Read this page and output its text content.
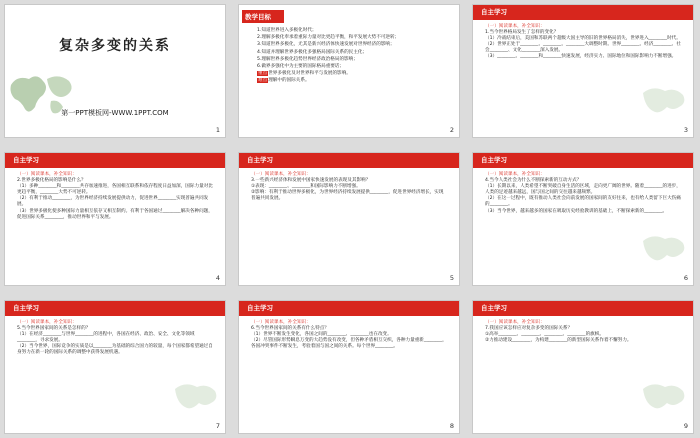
复杂多变的关系
第一PPT模板网-WWW.1PPT.COM
1
教学目标

1.知道世界进入多极化时代；

2.理解多极化奉承着重际力量对比更趋平衡，和平发展大势不可逆转；

3.知道世界多极化，尤其是新兴经济体快速发展对世界经济的影响；

4.知道并理解世界多极化多强格局国际关系的民主化；

5.理解世界多极化趋势世界经济政治格局的影响；

6.做界多强化中为主要的国际格局重要话；

重点世界多极化及对世界和平与发展的影响。

难点理解中的国际关系。

2
自主学习

（一）阅读课本，补全知识：

1.当今世界格局发生了怎样的变化？

（1）冷战结束后，美国和苏联两个超级大国主导的旧的世界格局消失，世界进入________时代。

（2）世界正处于________、________、________大调整时期。世界________、经济________、社会________、文化________深入发展。

（3）________、________和________快速发展，经济实力、国际地位和国际影响力不断增强。

3
自主学习

（一）阅读课本，补全知识：

2.世界多极化格局的影响是什么？

（1）多种________和________共存加速推进，各国相互联系和依存程度日益加深，国际力量对比更趋平衡，________大势不可逆转。

（2）有利于推动________，为世界经济持续发展提供动力，促进世界________实现普遍共同发展。

（3）世界多极化使多种国际力量相互依存又相互制约。有利于各国通过________解决各种问题，促进国际关系________，推动世界和平与发展。

4
自主学习

（一）阅读课本，补全知识：

3.一些新兴经济体和发展中国家快速发展的表现及其影响？

①表现：________、________和国际影响力不断增强。

②影响：有利于推动世界多极化，为世界经济持续发展提供________，促进世界经济增长，实现普遍共同发展。

5
自主学习

（一）阅读课本，补全知识：

4.当今人类社会为什么不断探索新的互动方式？

（1）长期以来，人类希望不断突破自身生活的区域，走向更广阔的世界。随着________的进步，人类的足迹越来越远，国与国之间的交往越来越频繁。

（2）在这一过程中，既有推动人类社会向前发展的国家间的友好往来，也有给人类留下巨大伤痛的________。

（3）当今世界，越来越多的国家在吸取历史经验教训的基础上，不断探索新的________。

6
自主学习

（一）阅读课本，补全知识：

5.当今世界国家间的关系是怎样的？

（1）在经济________与世界________的进程中，各国在经济、政治、安全、文化等领域________，寻求发展。

（2）当今世界，国际竞争的实质是以________为基础的综合国力的较量，每个国家都希望通过自身努力在新一轮的国际关系的调整中获得发展机遇。

7
自主学习

（一）阅读课本，补全知识：

6.当今世界国家间的关系有什么特点？

（1）世界不断发生变化，各国之间的________、________也在改变。

（2）尽管国际形势瞬息万变的大趋势没有改变，但各种矛盾相互交织，各种力量重新________，各国冲突事件不断发生，考验着国与国之间的关系。每个世界________。

8
自主学习

（一）阅读课本，补全知识：

7.我国应该怎样应对复杂多变的国际关系？

①高举________、________、________、________的旗帜。

②力推动建设________，为构建________的新型国际关系作着不懈努力。

9
